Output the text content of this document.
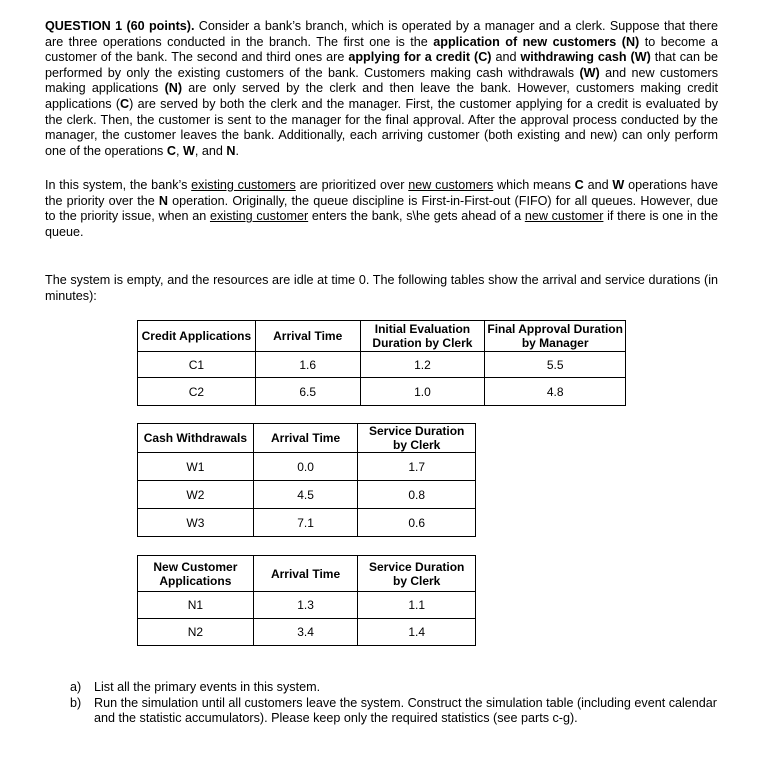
QUESTION 1 (60 points). Consider a bank’s branch, which is operated by a manager and a clerk. Suppose that there are three operations conducted in the branch. The first one is the application of new customers (N) to become a customer of the bank. The second and third ones are applying for a credit (C) and withdrawing cash (W) that can be performed by only the existing customers of the bank. Customers making cash withdrawals (W) and new customers making applications (N) are only served by the clerk and then leave the bank. However, customers making credit applications (C) are served by both the clerk and the manager. First, the customer applying for a credit is evaluated by the clerk. Then, the customer is sent to the manager for the final approval. After the approval process conducted by the manager, the customer leaves the bank. Additionally, each arriving customer (both existing and new) can only perform one of the operations C, W, and N.

In this system, the bank’s existing customers are prioritized over new customers which means C and W operations have the priority over the N operation. Originally, the queue discipline is First-in-First-out (FIFO) for all queues. However, due to the priority issue, when an existing customer enters the bank, s\he gets ahead of a new customer if there is one in the queue.

The system is empty, and the resources are idle at time 0. The following tables show the arrival and service durations (in minutes):

Credit Applications	Arrival Time	Initial Evaluation Duration by Clerk	Final Approval Duration by Manager
C1	1.6	1.2	5.5
C2	6.5	1.0	4.8
Cash Withdrawals	Arrival Time	Service Duration by Clerk
W1	0.0	1.7
W2	4.5	0.8
W3	7.1	0.6
New Customer Applications	Arrival Time	Service Duration by Clerk
N1	1.3	1.1
N2	3.4	1.4
a) List all the primary events in this system.
b) Run the simulation until all customers leave the system. Construct the simulation table (including event calendar and the statistic accumulators). Please keep only the required statistics (see parts c-g).
